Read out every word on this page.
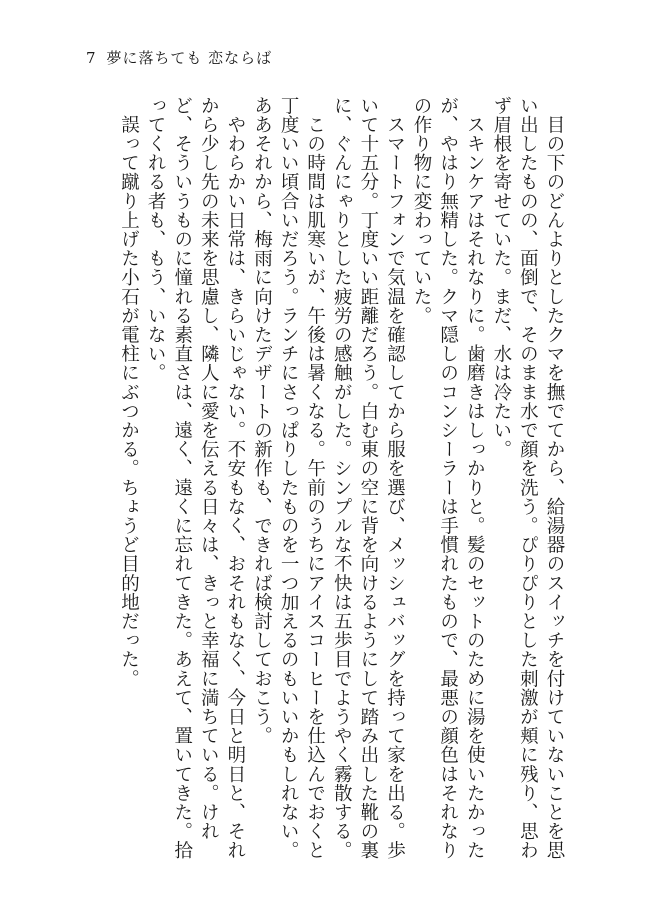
7 夢に落ちても 恋ならば

　目の下のどんよりとしたクマを撫でてから、給湯器のスイッチを付けていないことを思い出したものの、面倒で、そのまま水で顔を洗う。ぴりぴりとした刺激が頬に残り、思わず眉根を寄せていた。まだ、水は冷たい。

　スキンケアはそれなりに。歯磨きはしっかりと。髪のセットのために湯を使いたかったが、やはり無精した。クマ隠しのコンシーラーは手慣れたもので、最悪の顔色はそれなりの作り物に変わっていた。

　スマートフォンで気温を確認してから服を選び、メッシュバッグを持って家を出る。歩いて十五分。丁度いい距離だろう。白む東の空に背を向けるようにして踏み出した靴の裏に、ぐんにゃりとした疲労の感触がした。シンプルな不快は五歩目でようやく霧散する。

　この時間は肌寒いが、午後は暑くなる。午前のうちにアイスコーヒーを仕込んでおくと丁度いい頃合いだろう。ランチにさっぱりしたものを一つ加えるのもいいかもしれない。ああそれから、梅雨に向けたデザートの新作も、できれば検討しておこう。

　やわらかい日常は、きらいじゃない。不安もなく、おそれもなく、今日と明日と、それから少し先の未来を思慮し、隣人に愛を伝える日々は、きっと幸福に満ちている。けれど、そういうものに憧れる素直さは、遠く、遠くに忘れてきた。あえて、置いてきた。拾ってくれる者も、もう、いない。

　誤って蹴り上げた小石が電柱にぶつかる。ちょうど目的地だった。
